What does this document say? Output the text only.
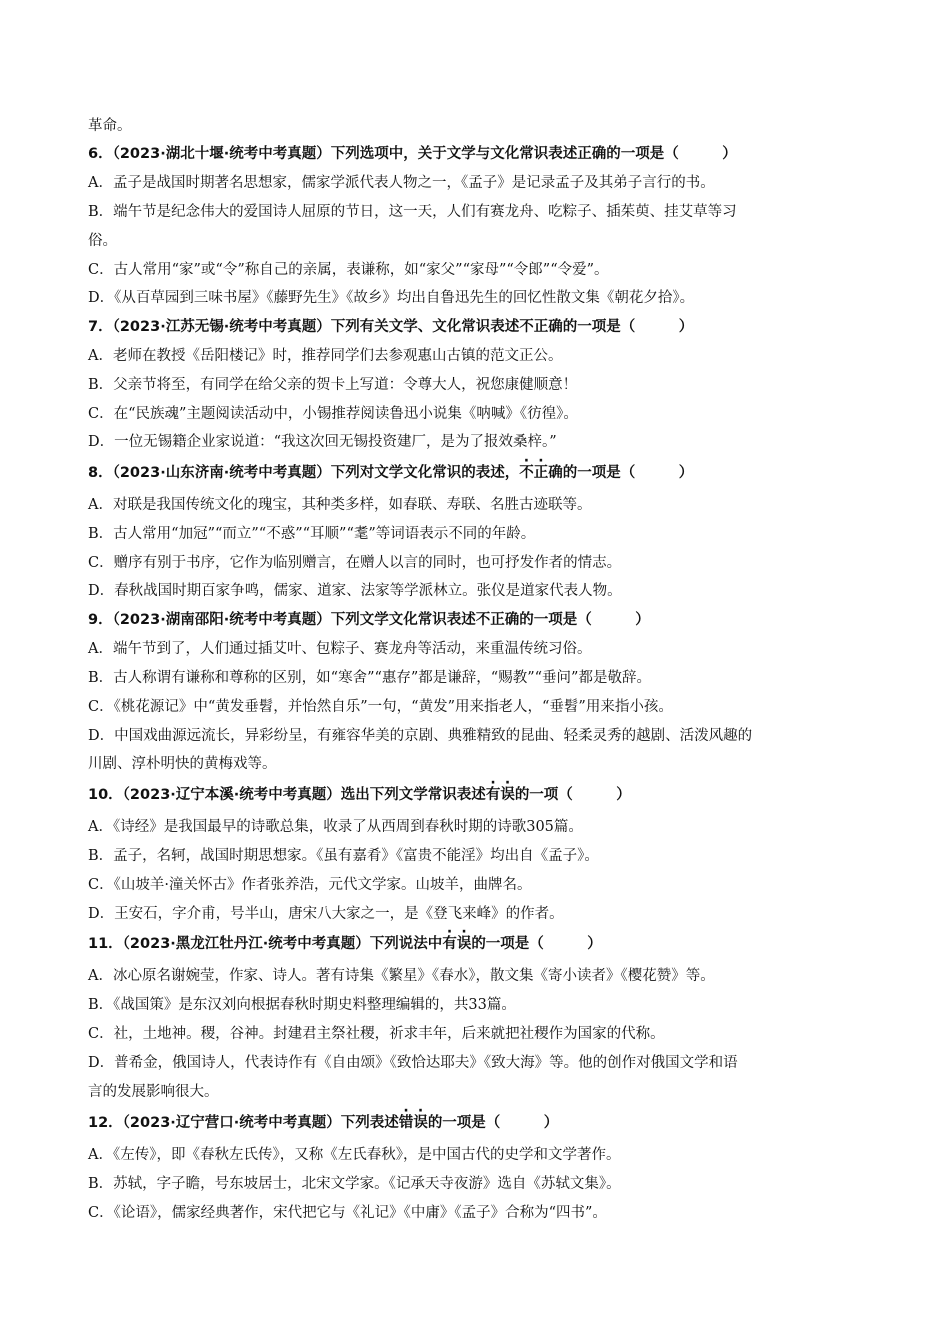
革命。
6．（2023·湖北十堰·统考中考真题）下列选项中，关于文学与文化常识表述正确的一项是（　　　）
A．孟子是战国时期著名思想家，儒家学派代表人物之一，《孟子》是记录孟子及其弟子言行的书。
B．端午节是纪念伟大的爱国诗人屈原的节日，这一天，人们有赛龙舟、吃粽子、插茱萸、挂艾草等习
俗。
C．古人常用“家”或“令”称自己的亲属，表谦称，如“家父”“家母”“令郎”“令爱”。
D．《从百草园到三味书屋》《藤野先生》《故乡》均出自鲁迅先生的回忆性散文集《朝花夕拾》。
7．（2023·江苏无锡·统考中考真题）下列有关文学、文化常识表述不正确的一项是（　　　）
A．老师在教授《岳阳楼记》时，推荐同学们去参观惠山古镇的范文正公。
B．父亲节将至，有同学在给父亲的贺卡上写道：令尊大人，祝您康健顺意！
C．在“民族魂”主题阅读活动中，小锡推荐阅读鲁迅小说集《呐喊》《彷徨》。
D．一位无锡籍企业家说道：“我这次回无锡投资建厂，是为了报效桑梓。”
8．（2023·山东济南·统考中考真题）下列对文学文化常识的表述，不正确的一项是（　　　）
A．对联是我国传统文化的瑰宝，其种类多样，如春联、寿联、名胜古迹联等。
B．古人常用“加冠”“而立”“不惑”“耳顺”“耄”等词语表示不同的年龄。
C．赠序有别于书序，它作为临别赠言，在赠人以言的同时，也可抒发作者的情志。
D．春秋战国时期百家争鸣，儒家、道家、法家等学派林立。张仪是道家代表人物。
9．（2023·湖南邵阳·统考中考真题）下列文学文化常识表述不正确的一项是（　　　）
A．端午节到了，人们通过插艾叶、包粽子、赛龙舟等活动，来重温传统习俗。
B．古人称谓有谦称和尊称的区别，如“寒舍”“惠存”都是谦辞，“赐教”“垂问”都是敬辞。
C．《桃花源记》中“黄发垂髫，并怡然自乐”一句，“黄发”用来指老人，“垂髫”用来指小孩。
D．中国戏曲源远流长，异彩纷呈，有雍容华美的京剧、典雅精致的昆曲、轻柔灵秀的越剧、活泼风趣的
川剧、淳朴明快的黄梅戏等。
10．（2023·辽宁本溪·统考中考真题）选出下列文学常识表述有误的一项（　　　）
A．《诗经》是我国最早的诗歌总集，收录了从西周到春秋时期的诗歌305篇。
B．孟子，名轲，战国时期思想家。《虽有嘉肴》《富贵不能淫》均出自《孟子》。
C．《山坡羊·潼关怀古》作者张养浩，元代文学家。山坡羊，曲牌名。
D．王安石，字介甫，号半山，唐宋八大家之一，是《登飞来峰》的作者。
11．（2023·黑龙江牡丹江·统考中考真题）下列说法中有误的一项是（　　　）
A．冰心原名谢婉莹，作家、诗人。著有诗集《繁星》《春水》，散文集《寄小读者》《樱花赞》等。
B．《战国策》是东汉刘向根据春秋时期史料整理编辑的，共33篇。
C．社，土地神。稷，谷神。封建君主祭社稷，祈求丰年，后来就把社稷作为国家的代称。
D．普希金，俄国诗人，代表诗作有《自由颂》《致恰达耶夫》《致大海》等。他的创作对俄国文学和语
言的发展影响很大。
12．（2023·辽宁营口·统考中考真题）下列表述错误的一项是（　　　）
A．《左传》，即《春秋左氏传》，又称《左氏春秋》，是中国古代的史学和文学著作。
B．苏轼，字子瞻，号东坡居士，北宋文学家。《记承天寺夜游》选自《苏轼文集》。
C．《论语》，儒家经典著作，宋代把它与《礼记》《中庸》《孟子》合称为“四书”。
